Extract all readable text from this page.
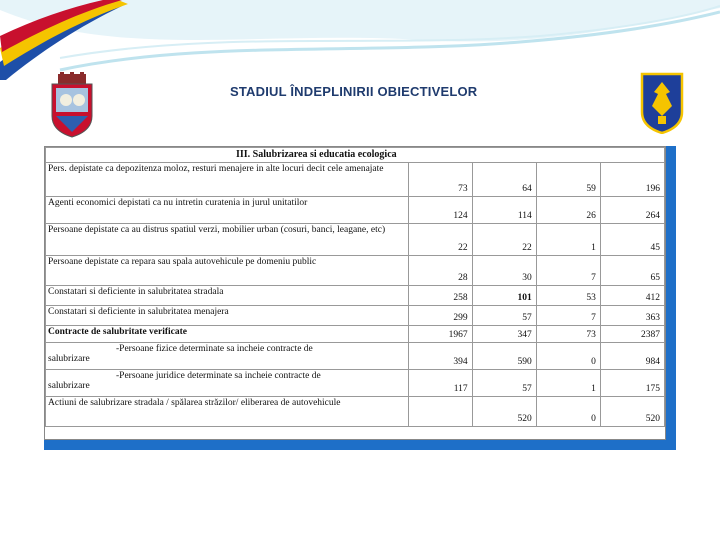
STADIUL ÎNDEPLINIRII OBIECTIVELOR
III. Salubrizarea si educatia ecologica				
Pers. depistate ca depozitenza moloz, resturi menajere in alte locuri decit cele amenajate	73	64	59	196
Agenti economici depistati ca nu intretin curatenia in jurul unitatilor	124	114	26	264
Persoane depistate ca au distrus spatiul verzi, mobilier urban (cosuri, banci, leagane, etc)	22	22	1	45
Persoane depistate ca repara sau spala autovehicule pe domeniu public	28	30	7	65
Constatari si deficiente in salubritatea stradala	258	101	53	412
Constatari si deficiente in salubritatea menajera	299	57	7	363
Contracte de salubritate verificate	1967	347	73	2387

-Persoane fizice determinate sa incheie contracte de
salubrizare	394	590	0	984

-Persoane juridice determinate sa incheie contracte de
salubrizare	117	57	1	175
Actiuni de salubrizare stradala / spălarea străzilor/ eliberarea de autovehicule		520	0	520
